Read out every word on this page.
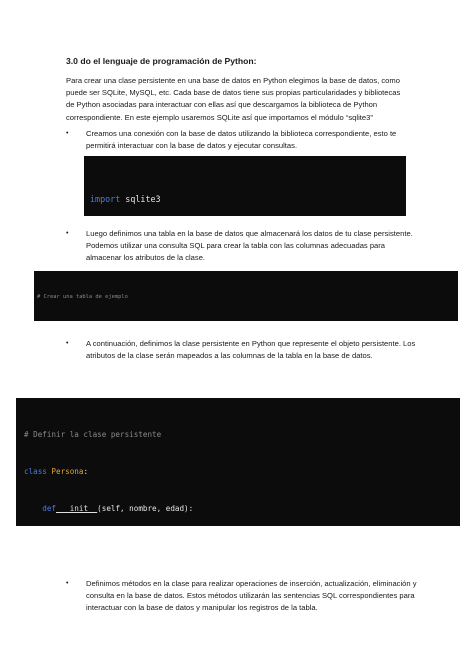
3.0 do el lenguaje de programación de Python:
Para crear una clase persistente en una base de datos en Python elegimos la base de datos, como
puede ser SQLite, MySQL, etc. Cada base de datos tiene sus propias particularidades y bibliotecas
de Python asociadas para interactuar con ellas así que descargamos la biblioteca de Python
correspondiente. En este ejemplo usaremos SQLite así que importamos el módulo “sqlite3”
• Creamos una conexión con la base de datos utilizando la biblioteca correspondiente, esto te permitirá interactuar con la base de datos y ejecutar consultas.

import sqlite3

• Luego definimos una tabla en la base de datos que almacenará los datos de tu clase persistente. Podemos utilizar una consulta SQL para crear la tabla con las columnas adecuadas para almacenar los atributos de la clase.

# Crear una tabla de ejemplo

• A continuación, definimos la clase persistente en Python que represente el objeto persistente. Los atributos de la clase serán mapeados a las columnas de la tabla en la base de datos.

# Definir la clase persistente

class Persona:

def __init__(self, nombre, edad):

• Definimos métodos en la clase para realizar operaciones de inserción, actualización, eliminación y consulta en la base de datos. Estos métodos utilizarán las sentencias SQL correspondientes para interactuar con la base de datos y manipular los registros de la tabla.
